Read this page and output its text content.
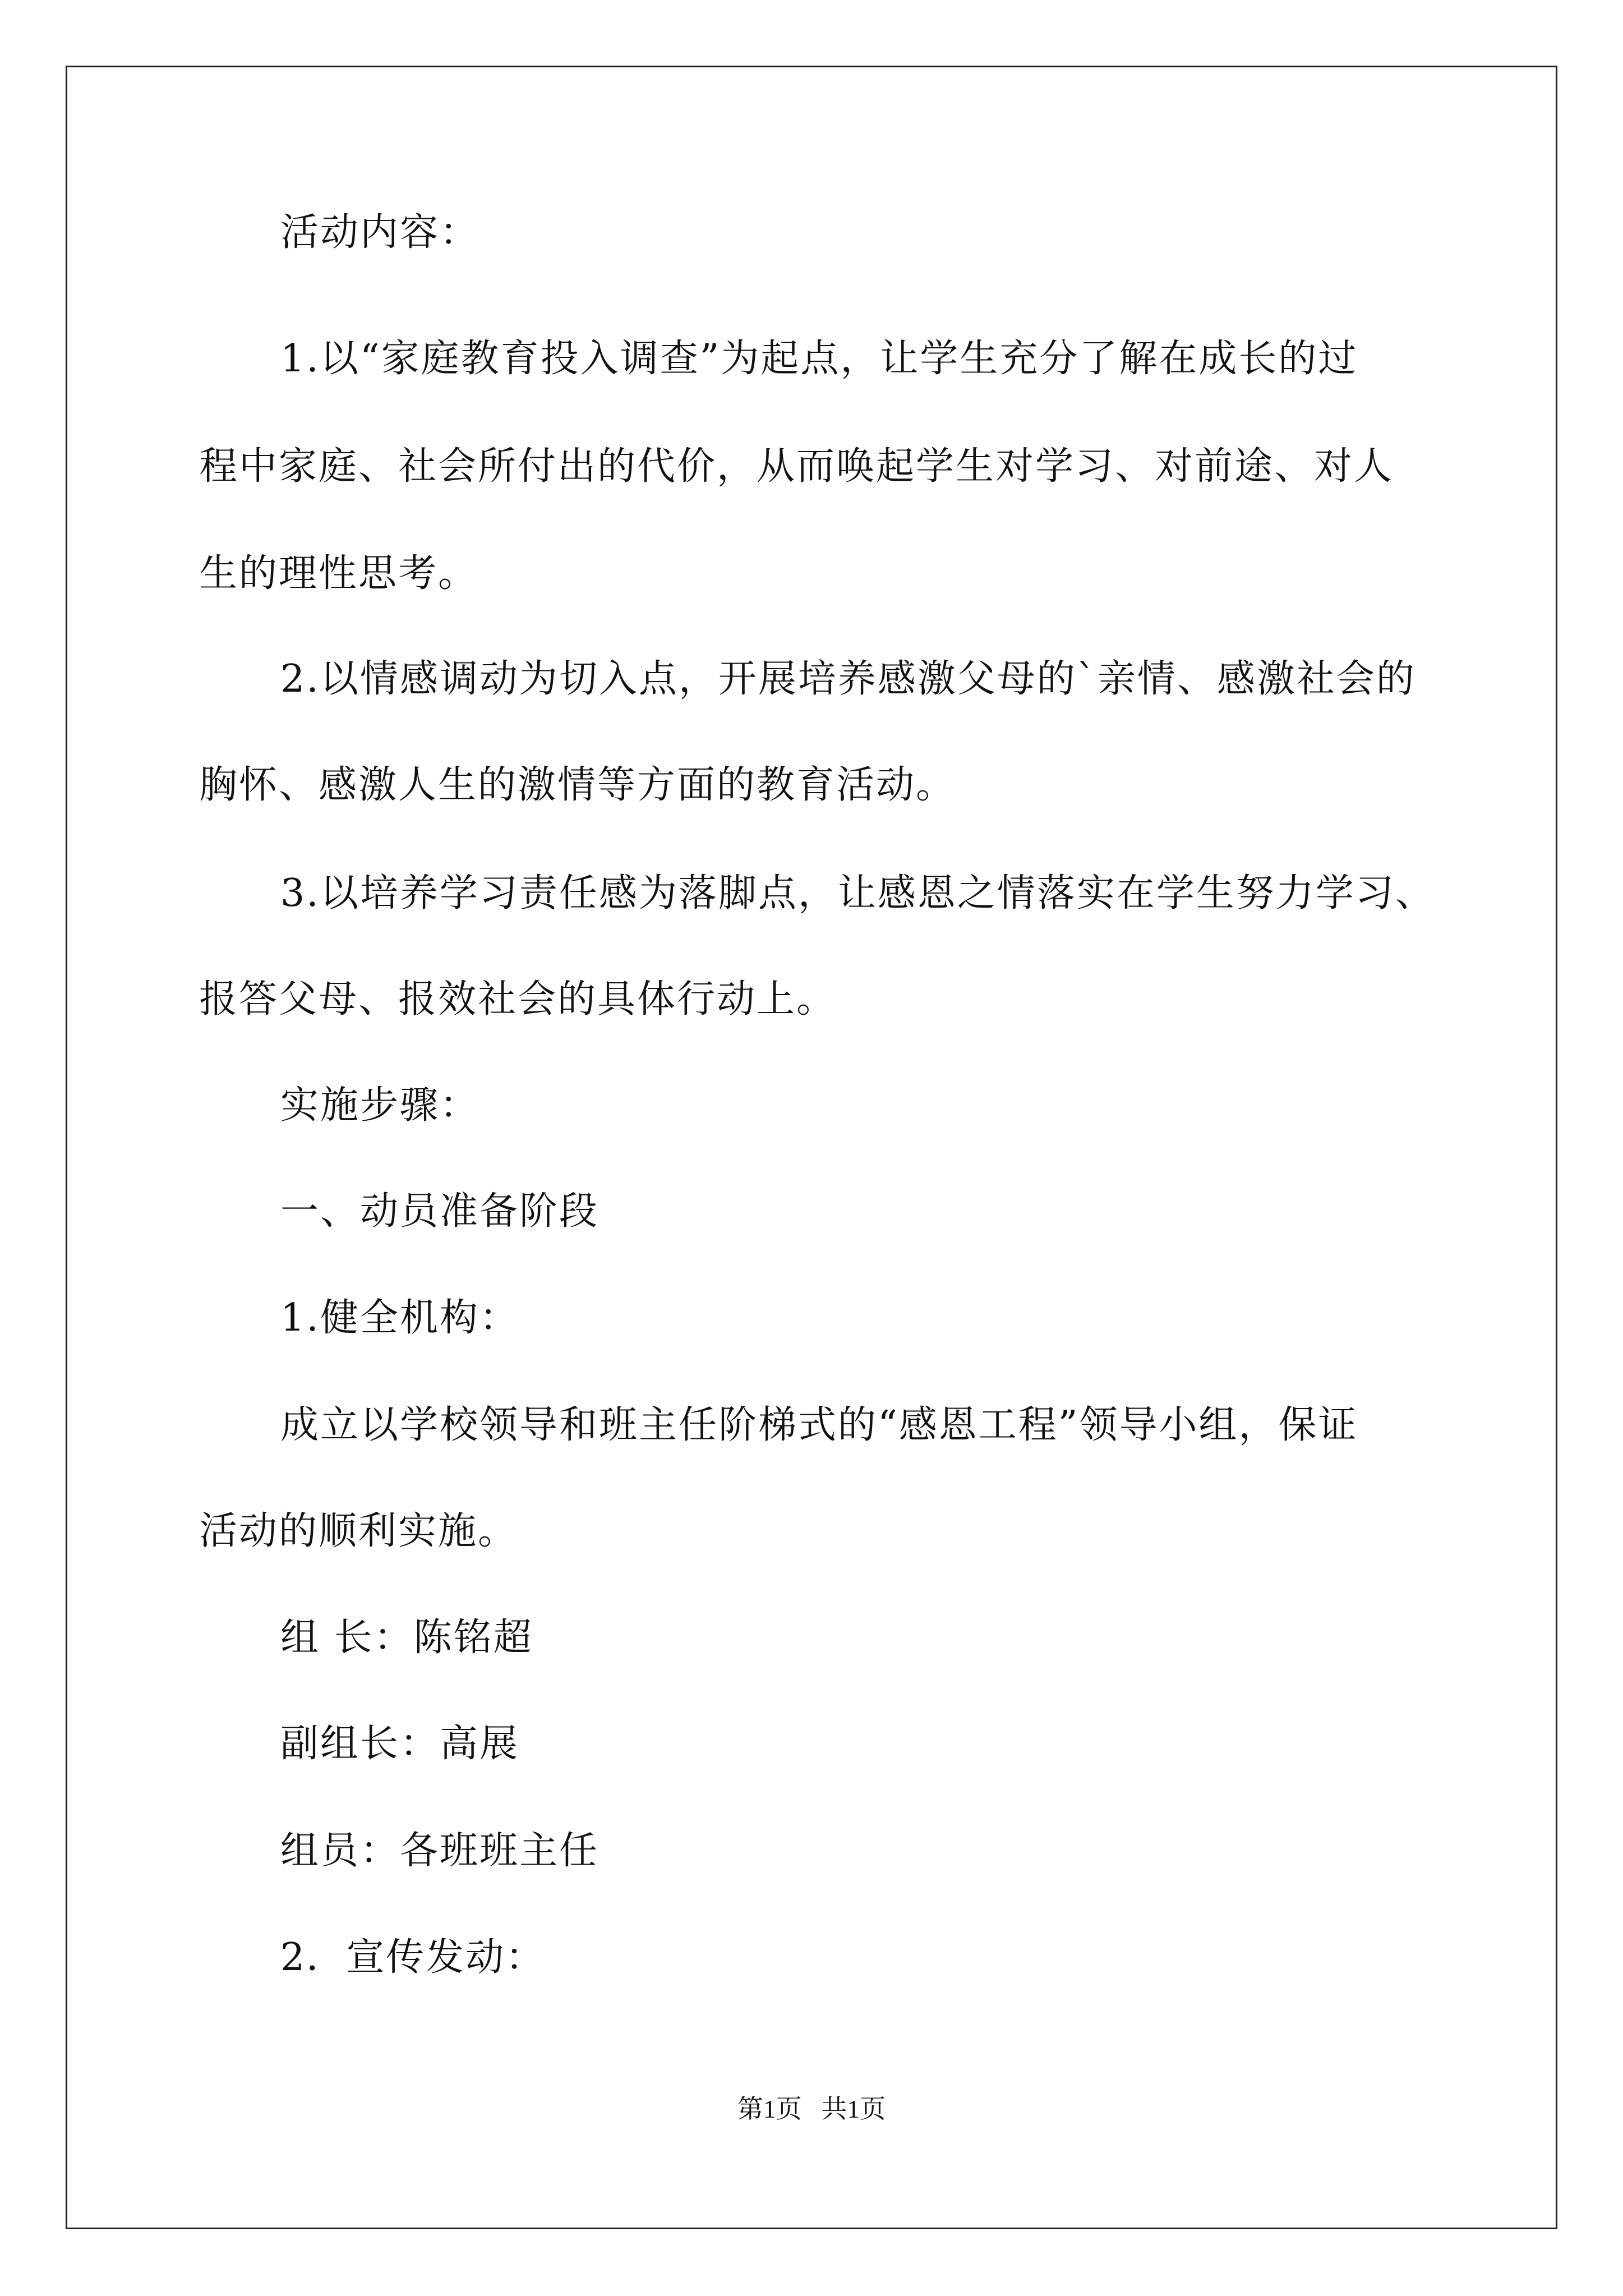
活动内容：
1.以“家庭教育投入调查”为起点，让学生充分了解在成长的过
程中家庭、社会所付出的代价，从而唤起学生对学习、对前途、对人
生的理性思考。
2.以情感调动为切入点，开展培养感激父母的`亲情、感激社会的
胸怀、感激人生的激情等方面的教育活动。
3.以培养学习责任感为落脚点，让感恩之情落实在学生努力学习、
报答父母、报效社会的具体行动上。
实施步骤：
一、动员准备阶段
1.健全机构：
成立以学校领导和班主任阶梯式的“感恩工程”领导小组，保证
活动的顺利实施。
组 长：陈铭超
副组长：高展
组员：各班班主任
2．宣传发动：
第1页   共1页
